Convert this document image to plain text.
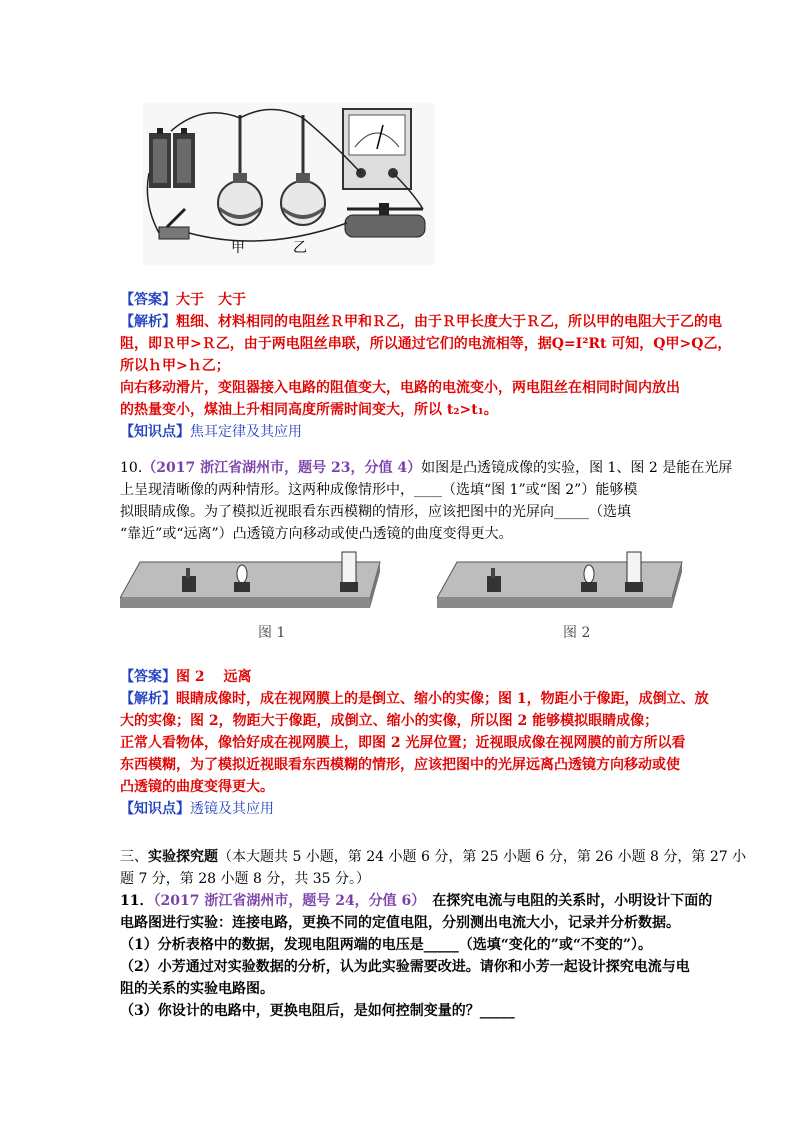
甲	乙
【答案】大于　大于
【解析】粗细、材料相同的电阻丝Ｒ甲和Ｒ乙，由于Ｒ甲长度大于Ｒ乙，所以甲的电阻大于乙的电
阻，即Ｒ甲>Ｒ乙，由于两电阻丝串联，所以通过它们的电流相等，据Q=I²Rt 可知，Q甲>Q乙，
所以ｈ甲>ｈ乙；
向右移动滑片，变阻器接入电路的阻值变大，电路的电流变小，两电阻丝在相同时间内放出
的热量变小，煤油上升相同高度所需时间变大，所以 t₂>t₁。
【知识点】焦耳定律及其应用
10.（2017 浙江省湖州市，题号 23，分值 4）如图是凸透镜成像的实验，图 1、图 2 是能在光屏
上呈现清晰像的两种情形。这两种成像情形中，____（选填“图 1”或“图 2”）能够模
拟眼睛成像。为了模拟近视眼看东西模糊的情形，应该把图中的光屏向_____（选填
“靠近”或“远离”）凸透镜方向移动或使凸透镜的曲度变得更大。
图 1	图 2
【答案】图 2　 远离
【解析】眼睛成像时，成在视网膜上的是倒立、缩小的实像；图 1，物距小于像距，成倒立、放
大的实像；图 2，物距大于像距，成倒立、缩小的实像，所以图 2 能够模拟眼睛成像；
正常人看物体，像恰好成在视网膜上，即图 2 光屏位置；近视眼成像在视网膜的前方所以看
东西模糊，为了模拟近视眼看东西模糊的情形，应该把图中的光屏远离凸透镜方向移动或使
凸透镜的曲度变得更大。
【知识点】透镜及其应用
三、实验探究题（本大题共 5 小题，第 24 小题 6 分，第 25 小题 6 分，第 26 小题 8 分，第 27 小
题 7 分，第 28 小题 8 分，共 35 分。）
11．（2017 浙江省湖州市，题号 24，分值 6）　在探究电流与电阻的关系时，小明设计下面的
电路图进行实验：连接电路，更换不同的定值电阻，分别测出电流大小，记录并分析数据。
（1）分析表格中的数据，发现电阻两端的电压是_____（选填“变化的”或“不变的”）。
（2）小芳通过对实验数据的分析，认为此实验需要改进。请你和小芳一起设计探究电流与电
阻的关系的实验电路图。
（3）你设计的电路中，更换电阻后，是如何控制变量的？_____
